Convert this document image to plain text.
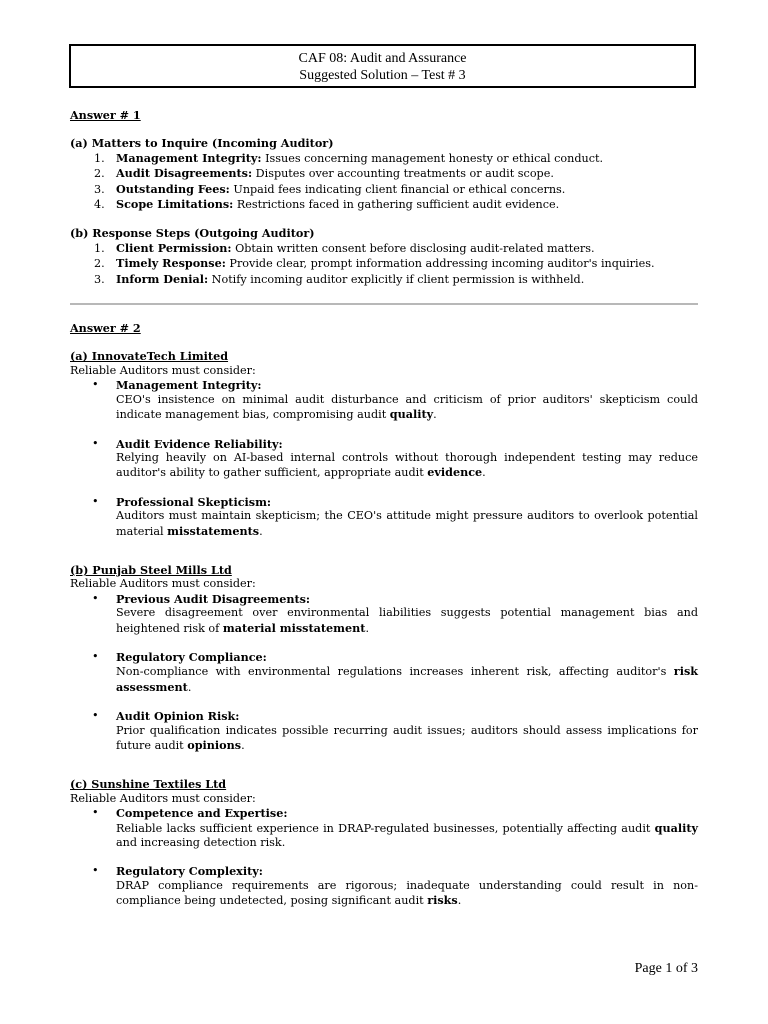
CAF 08: Audit and Assurance
Suggested Solution – Test # 3
Answer # 1
(a) Matters to Inquire (Incoming Auditor)
1. Management Integrity: Issues concerning management honesty or ethical conduct.
2. Audit Disagreements: Disputes over accounting treatments or audit scope.
3. Outstanding Fees: Unpaid fees indicating client financial or ethical concerns.
4. Scope Limitations: Restrictions faced in gathering sufficient audit evidence.
(b) Response Steps (Outgoing Auditor)
1. Client Permission: Obtain written consent before disclosing audit-related matters.
2. Timely Response: Provide clear, prompt information addressing incoming auditor's inquiries.
3. Inform Denial: Notify incoming auditor explicitly if client permission is withheld.
Answer # 2
(a) InnovateTech Limited
Reliable Auditors must consider:
• Management Integrity:
CEO's insistence on minimal audit disturbance and criticism of prior auditors' skepticism could indicate management bias, compromising audit quality.
• Audit Evidence Reliability:
Relying heavily on AI-based internal controls without thorough independent testing may reduce auditor's ability to gather sufficient, appropriate audit evidence.
• Professional Skepticism:
Auditors must maintain skepticism; the CEO's attitude might pressure auditors to overlook potential material misstatements.
(b) Punjab Steel Mills Ltd
Reliable Auditors must consider:
• Previous Audit Disagreements:
Severe disagreement over environmental liabilities suggests potential management bias and heightened risk of material misstatement.
• Regulatory Compliance:
Non-compliance with environmental regulations increases inherent risk, affecting auditor's risk assessment.
• Audit Opinion Risk:
Prior qualification indicates possible recurring audit issues; auditors should assess implications for future audit opinions.
(c) Sunshine Textiles Ltd
Reliable Auditors must consider:
• Competence and Expertise:
Reliable lacks sufficient experience in DRAP-regulated businesses, potentially affecting audit quality and increasing detection risk.
• Regulatory Complexity:
DRAP compliance requirements are rigorous; inadequate understanding could result in non-compliance being undetected, posing significant audit risks.
Page 1 of 3
